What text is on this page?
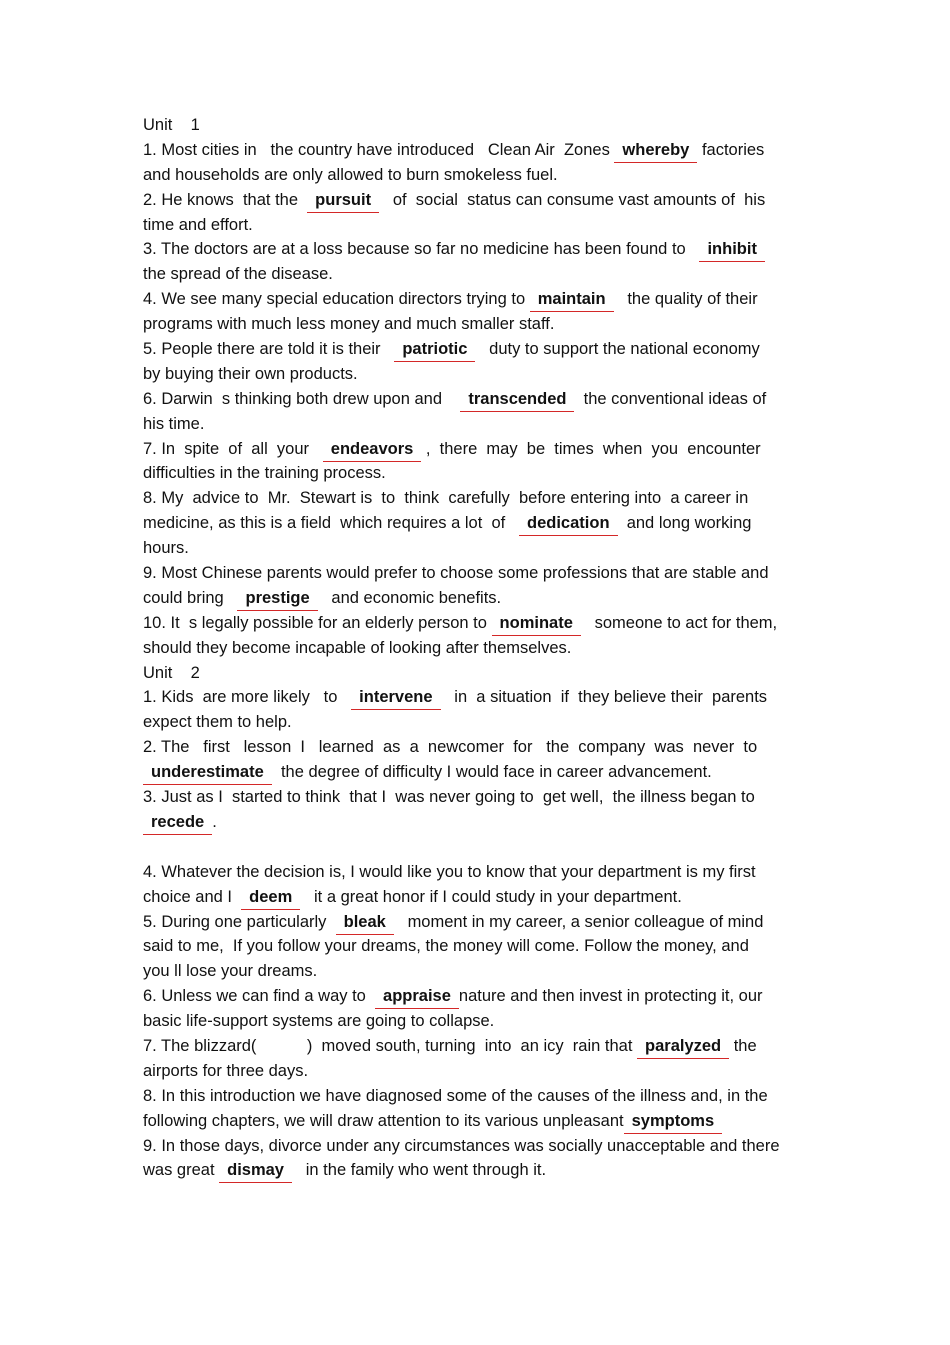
Unit    1
1. Most cities in   the country have introduced   Clean Air  Zones whereby factories
and households are only allowed to burn smokeless fuel.
2. He knows  that the  pursuit   of  social  status can consume vast amounts of  his
time and effort.
3. The doctors are at a loss because so far no medicine has been found to   inhibit
the spread of the disease.
4. We see many special education directors trying to maintain   the quality of their
programs with much less money and much smaller staff.
5. People there are told it is their   patriotic   duty to support the national economy
by buying their own products.
6. Darwin  s thinking both drew upon and    transcended  the conventional ideas of
his time.
7. In  spite  of  all  your   endeavors ,  there  may  be  times  when  you  encounter
difficulties in the training process.
8. My  advice to  Mr.  Stewart is  to  think  carefully  before entering into  a career in
medicine, as this is a field  which requires a lot  of   dedication  and long working
hours.
9. Most Chinese parents would prefer to choose some professions that are stable and
could bring   prestige   and economic benefits.
10. It  s legally possible for an elderly person to nominate   someone to act for them,
should they become incapable of looking after themselves.
Unit    2
1. Kids  are more likely   to   intervene   in  a situation  if  they believe their  parents
expect them to help.
2. The   first   lesson  I   learned  as  a  newcomer  for   the  company  was  never  to
underestimate  the degree of difficulty I would face in career advancement.
3. Just as I  started to think  that I  was never going to  get well,  the illness began to
recede .
4. Whatever the decision is, I would like you to know that your department is my first
choice and I  deem   it a great honor if I could study in your department.
5. During one particularly  bleak   moment in my career, a senior colleague of mind
said to me,  If you follow your dreams, the money will come. Follow the money, and
you ll lose your dreams.
6. Unless we can find a way to  appraise nature and then invest in protecting it, our
basic life-support systems are going to collapse.
7. The blizzard(           )  moved south, turning  into  an icy  rain that paralyzed the
airports for three days.
8. In this introduction we have diagnosed some of the causes of the illness and, in the
following chapters, we will draw attention to its various unpleasant symptoms
9. In those days, divorce under any circumstances was socially unacceptable and there
was great dismay   in the family who went through it.
